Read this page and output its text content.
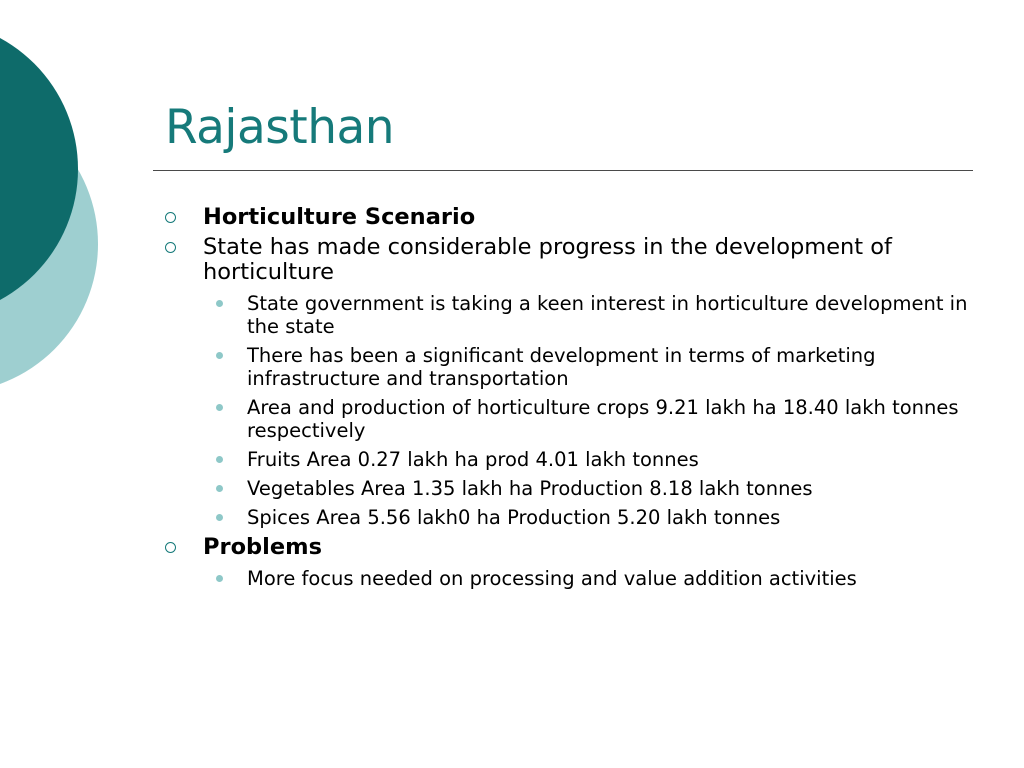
Rajasthan
Horticulture Scenario
State has made considerable progress in the development of horticulture
State government is taking a keen interest in horticulture development in the state
There has been a significant development in terms of marketing infrastructure and transportation
Area and production of horticulture crops 9.21 lakh ha 18.40 lakh tonnes respectively
Fruits Area 0.27 lakh ha prod 4.01 lakh tonnes
Vegetables Area 1.35 lakh ha Production 8.18 lakh tonnes
Spices Area 5.56 lakh0 ha Production 5.20 lakh tonnes
Problems
More focus needed on processing and value addition activities
